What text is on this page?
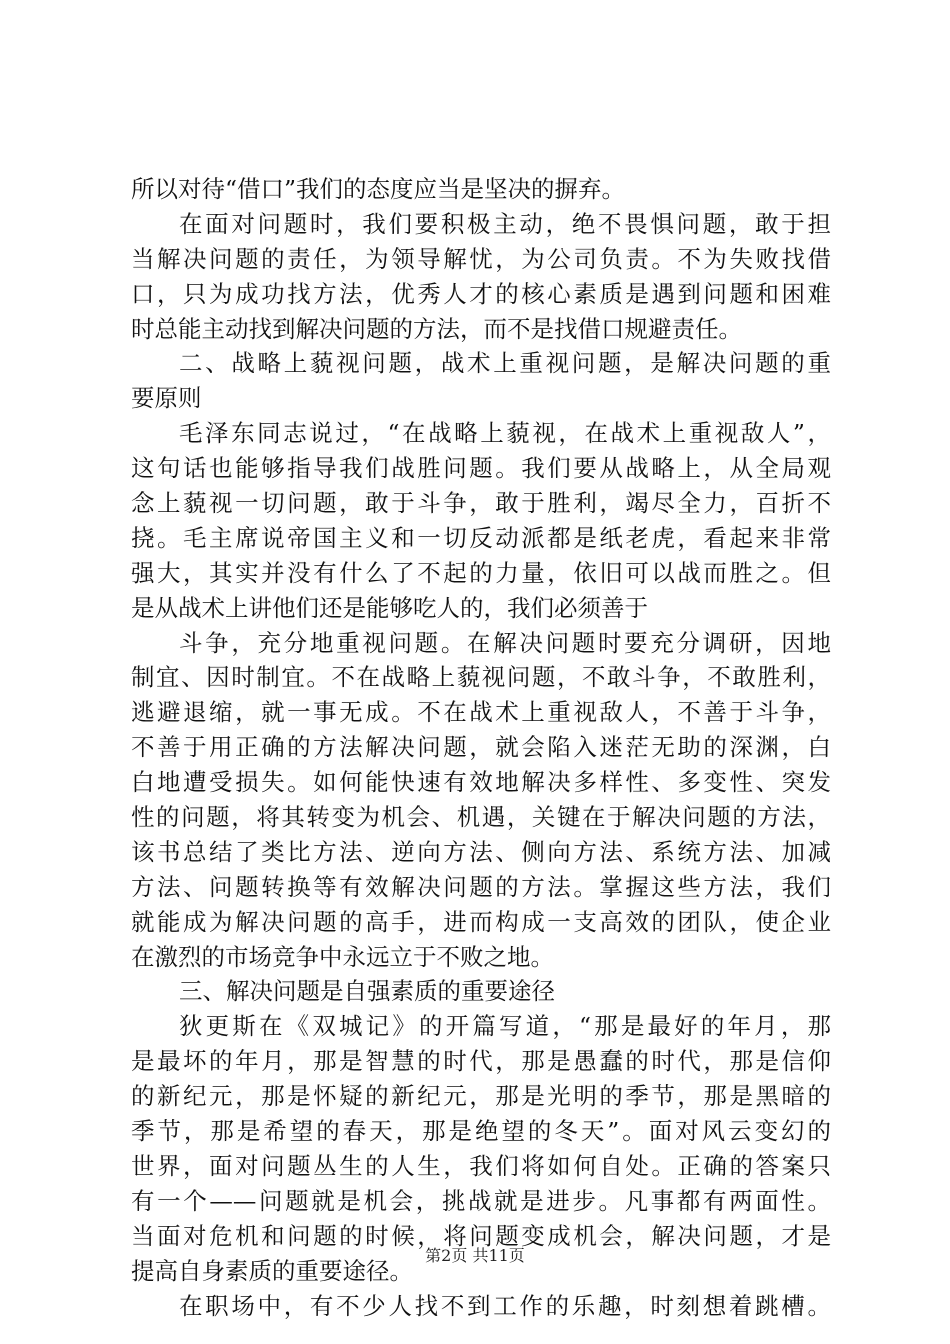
所以对待“借口”我们的态度应当是坚决的摒弃。
在面对问题时，我们要积极主动，绝不畏惧问题，敢于担
当解决问题的责任，为领导解忧，为公司负责。不为失败找借
口，只为成功找方法，优秀人才的核心素质是遇到问题和困难
时总能主动找到解决问题的方法，而不是找借口规避责任。
二、战略上藐视问题，战术上重视问题，是解决问题的重
要原则
毛泽东同志说过，“在战略上藐视，在战术上重视敌人”，
这句话也能够指导我们战胜问题。我们要从战略上，从全局观
念上藐视一切问题，敢于斗争，敢于胜利，竭尽全力，百折不
挠。毛主席说帝国主义和一切反动派都是纸老虎，看起来非常
强大，其实并没有什么了不起的力量，依旧可以战而胜之。但
是从战术上讲他们还是能够吃人的，我们必须善于
斗争，充分地重视问题。在解决问题时要充分调研，因地
制宜、因时制宜。不在战略上藐视问题，不敢斗争，不敢胜利，
逃避退缩，就一事无成。不在战术上重视敌人，不善于斗争，
不善于用正确的方法解决问题，就会陷入迷茫无助的深渊，白
白地遭受损失。如何能快速有效地解决多样性、多变性、突发
性的问题，将其转变为机会、机遇，关键在于解决问题的方法，
该书总结了类比方法、逆向方法、侧向方法、系统方法、加减
方法、问题转换等有效解决问题的方法。掌握这些方法，我们
就能成为解决问题的高手，进而构成一支高效的团队，使企业
在激烈的市场竞争中永远立于不败之地。
三、解决问题是自强素质的重要途径
狄更斯在《双城记》的开篇写道，“那是最好的年月，那
是最坏的年月，那是智慧的时代，那是愚蠢的时代，那是信仰
的新纪元，那是怀疑的新纪元，那是光明的季节，那是黑暗的
季节，那是希望的春天，那是绝望的冬天”。面对风云变幻的
世界，面对问题丛生的人生，我们将如何自处。正确的答案只
有一个——问题就是机会，挑战就是进步。凡事都有两面性。
当面对危机和问题的时候，将问题变成机会，解决问题，才是
提高自身素质的重要途径。
在职场中，有不少人找不到工作的乐趣，时刻想着跳槽。
第2页 共11页
